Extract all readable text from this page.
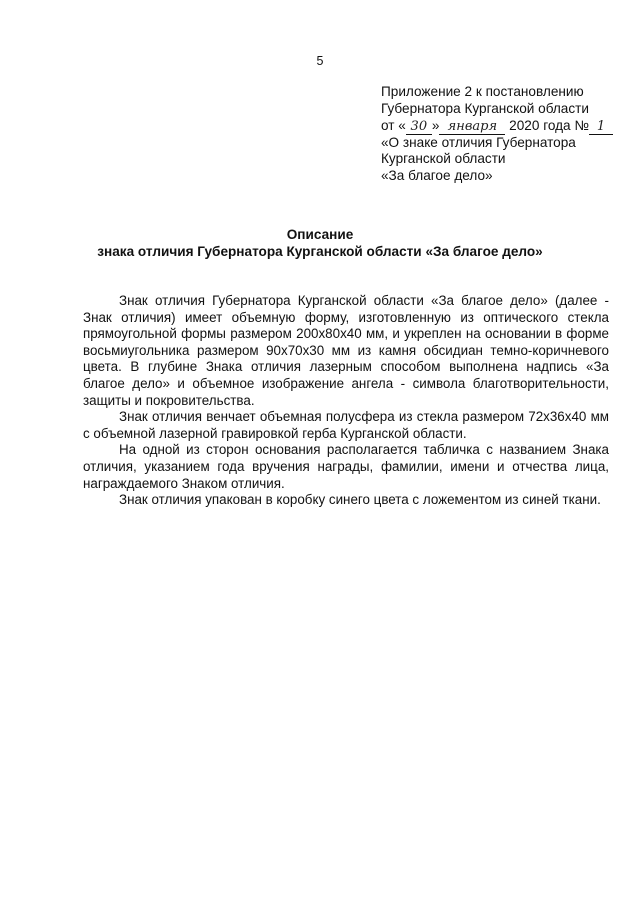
5
Приложение 2 к постановлению
Губернатора Курганской области
от « 30 » января 2020 года № 1
«О знаке отличия Губернатора
Курганской области
«За благое дело»
Описание
знака отличия Губернатора Курганской области «За благое дело»

Знак отличия Губернатора Курганской области «За благое дело» (далее - Знак отличия) имеет объемную форму, изготовленную из оптического стекла прямоугольной формы размером 200х80х40 мм, и укреплен на основании в форме восьмиугольника размером 90х70х30 мм из камня обсидиан темно-коричневого цвета. В глубине Знака отличия лазерным способом выполнена надпись «За благое дело» и объемное изображение ангела - символа благотворительности, защиты и покровительства.

Знак отличия венчает объемная полусфера из стекла размером 72х36х40 мм с объемной лазерной гравировкой герба Курганской области.

На одной из сторон основания располагается табличка с названием Знака отличия, указанием года вручения награды, фамилии, имени и отчества лица, награждаемого Знаком отличия.

Знак отличия упакован в коробку синего цвета с ложементом из синей ткани.
